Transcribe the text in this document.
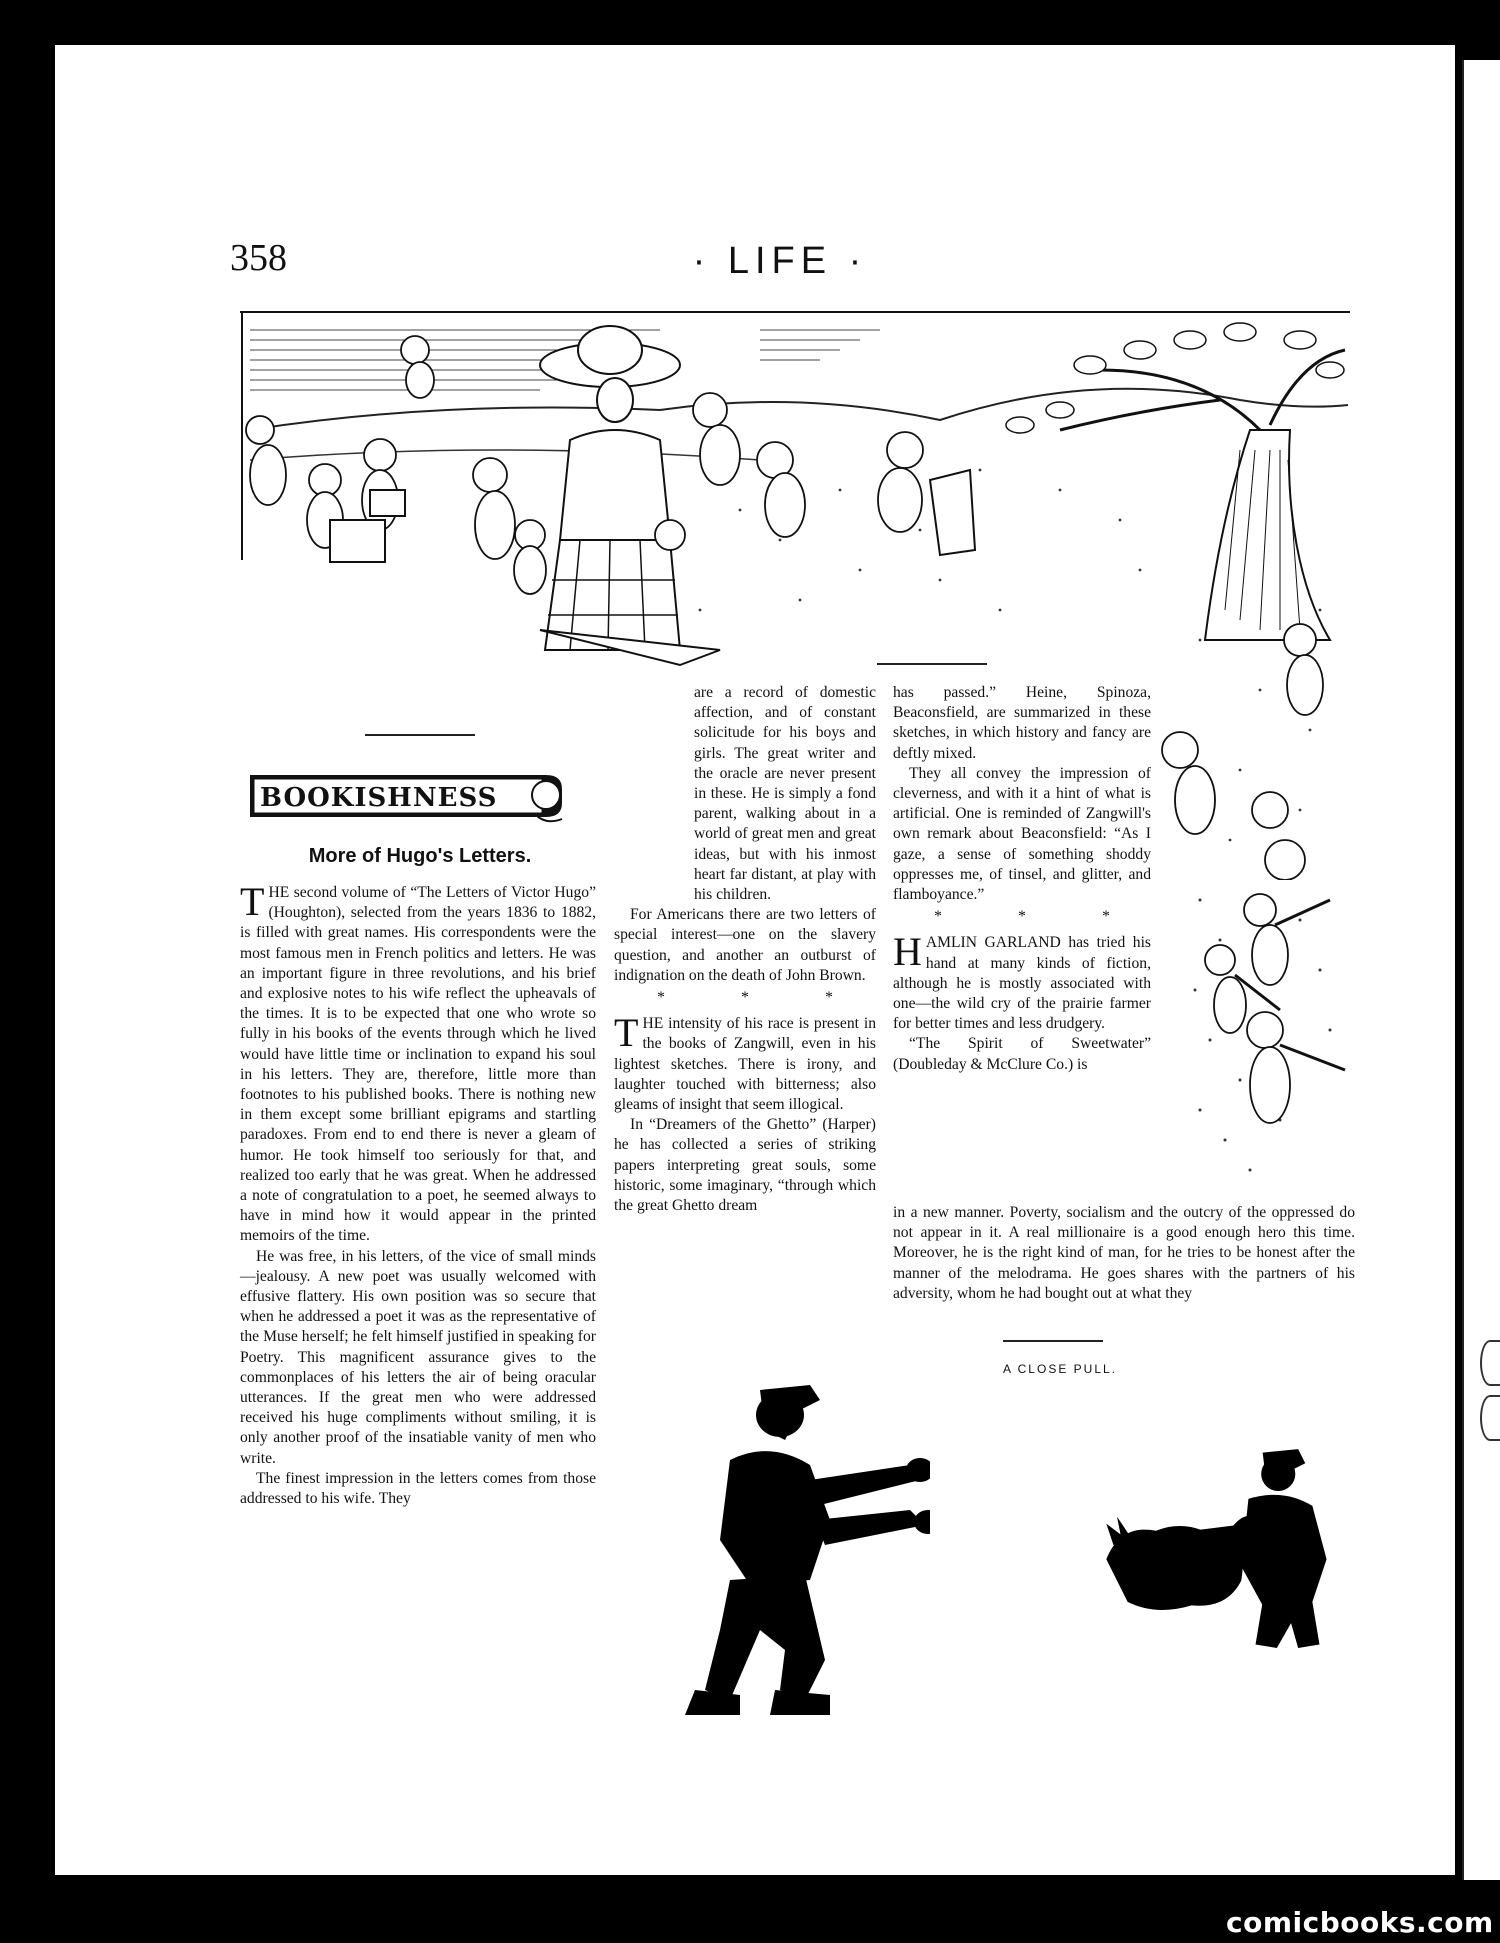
358	· LIFE ·
BOOKISHNESS
More of Hugo's Letters.

THE second volume of “The Letters of Victor Hugo” (Houghton), selected from the years 1836 to 1882, is filled with great names. His correspondents were the most famous men in French politics and letters. He was an important figure in three revolutions, and his brief and explosive notes to his wife reflect the upheavals of the times. It is to be expected that one who wrote so fully in his books of the events through which he lived would have little time or inclination to expand his soul in his letters. They are, therefore, little more than footnotes to his published books. There is nothing new in them except some brilliant epigrams and startling paradoxes. From end to end there is never a gleam of humor. He took himself too seriously for that, and realized too early that he was great. When he addressed a note of congratulation to a poet, he seemed always to have in mind how it would appear in the printed memoirs of the time.

He was free, in his letters, of the vice of small minds—jealousy. A new poet was usually welcomed with effusive flattery. His own position was so secure that when he addressed a poet it was as the representative of the Muse herself; he felt himself justified in speaking for Poetry. This magnificent assurance gives to the commonplaces of his letters the air of being oracular utterances. If the great men who were addressed received his huge compliments without smiling, it is only another proof of the insatiable vanity of men who write.

The finest impression in the letters comes from those addressed to his wife. They

are a record of domestic affection, and of constant solicitude for his boys and girls. The great writer and the oracle are never present in these. He is simply a fond parent, walking about in a world of great men and great ideas, but with his inmost heart far distant, at play with his children.

For Americans there are two letters of special interest—one on the slavery question, and another an outburst of indignation on the death of John Brown.

* * *

THE intensity of his race is present in the books of Zangwill, even in his lightest sketches. There is irony, and laughter touched with bitterness; also gleams of insight that seem illogical.

In “Dreamers of the Ghetto” (Harper) he has collected a series of striking papers interpreting great souls, some historic, some imaginary, “through which the great Ghetto dream

has passed.” Heine, Spinoza, Beaconsfield, are summarized in these sketches, in which history and fancy are deftly mixed.

They all convey the impression of cleverness, and with it a hint of what is artificial. One is reminded of Zangwill's own remark about Beaconsfield: “As I gaze, a sense of something shoddy oppresses me, of tinsel, and glitter, and flamboyance.”

* * *

HAMLIN GARLAND has tried his hand at many kinds of fiction, although he is mostly associated with one—the wild cry of the prairie farmer for better times and less drudgery.

“The Spirit of Sweetwater” (Doubleday & McClure Co.) is

in a new manner. Poverty, socialism and the outcry of the oppressed do not appear in it. A real millionaire is a good enough hero this time. Moreover, he is the right kind of man, for he tries to be honest after the manner of the melodrama. He goes shares with the partners of his adversity, whom he had bought out at what they

A CLOSE PULL.
comicbooks.com
